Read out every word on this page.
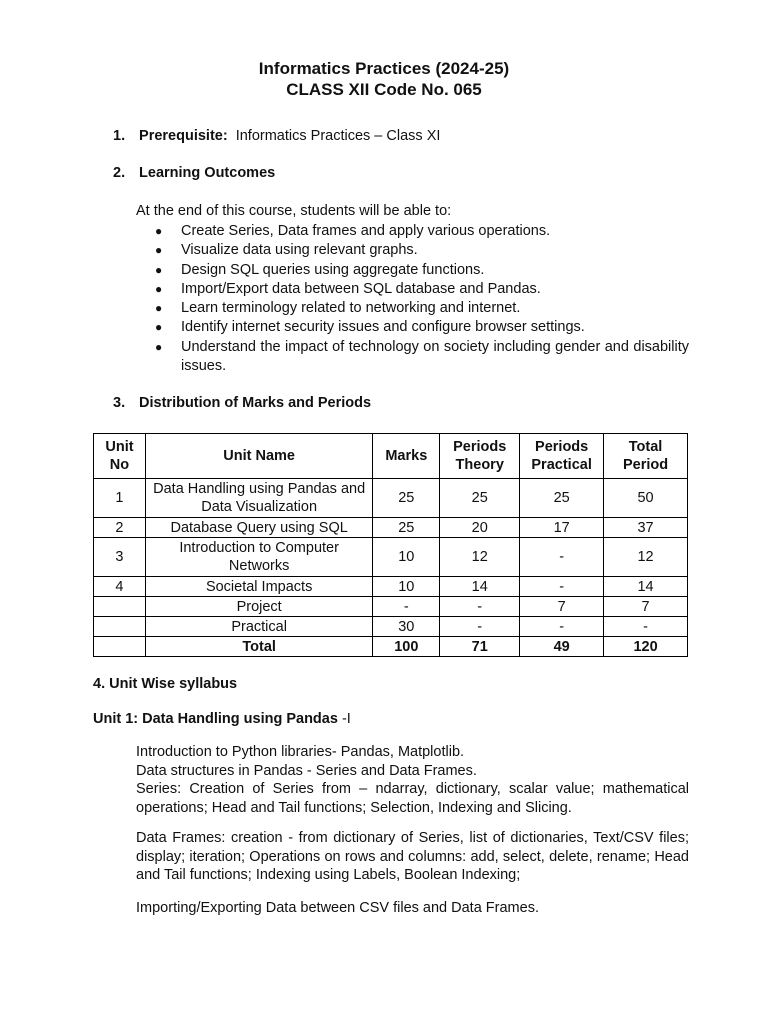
Informatics Practices (2024-25)
CLASS XII Code No. 065
1. Prerequisite: Informatics Practices – Class XI
2. Learning Outcomes
At the end of this course, students will be able to:
● Create Series, Data frames and apply various operations.
● Visualize data using relevant graphs.
● Design SQL queries using aggregate functions.
● Import/Export data between SQL database and Pandas.
● Learn terminology related to networking and internet.
● Identify internet security issues and configure browser settings.
● Understand the impact of technology on society including gender and disability issues.
3. Distribution of Marks and Periods
Unit No	Unit Name	Marks	Periods Theory	Periods Practical	Total Period
1	Data Handling using Pandas and Data Visualization	25	25	25	50
2	Database Query using SQL	25	20	17	37
3	Introduction to Computer Networks	10	12	-	12
4	Societal Impacts	10	14	-	14
	Project	-	-	7	7
	Practical	30	-	-	-
	Total	100	71	49	120
4. Unit Wise syllabus
Unit 1: Data Handling using Pandas -I
Introduction to Python libraries- Pandas, Matplotlib.
Data structures in Pandas - Series and Data Frames.
Series: Creation of Series from – ndarray, dictionary, scalar value; mathematical operations; Head and Tail functions; Selection, Indexing and Slicing.
Data Frames: creation - from dictionary of Series, list of dictionaries, Text/CSV files; display; iteration; Operations on rows and columns: add, select, delete, rename; Head and Tail functions; Indexing using Labels, Boolean Indexing;
Importing/Exporting Data between CSV files and Data Frames.
